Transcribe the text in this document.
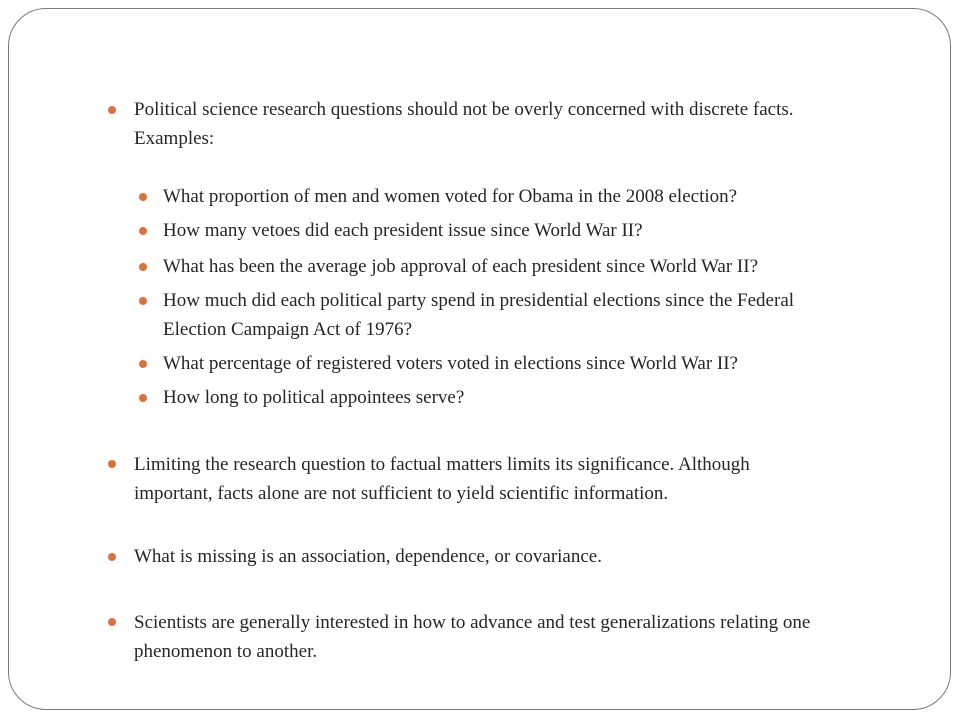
Political science research questions should not be overly concerned with discrete facts.
Examples:
What proportion of men and women voted for Obama in the 2008 election?
How many vetoes did each president issue since World War II?
What has been the average job approval of each president since World War II?
How much did each political party spend in presidential elections since the Federal
Election Campaign Act of 1976?
What percentage of registered voters voted in elections since World War II?
How long to political appointees serve?
Limiting the research question to factual matters limits its significance. Although
important, facts alone are not sufficient to yield scientific information.
What is missing is an association, dependence, or covariance.
Scientists are generally interested in how to advance and test generalizations relating one
phenomenon to another.
